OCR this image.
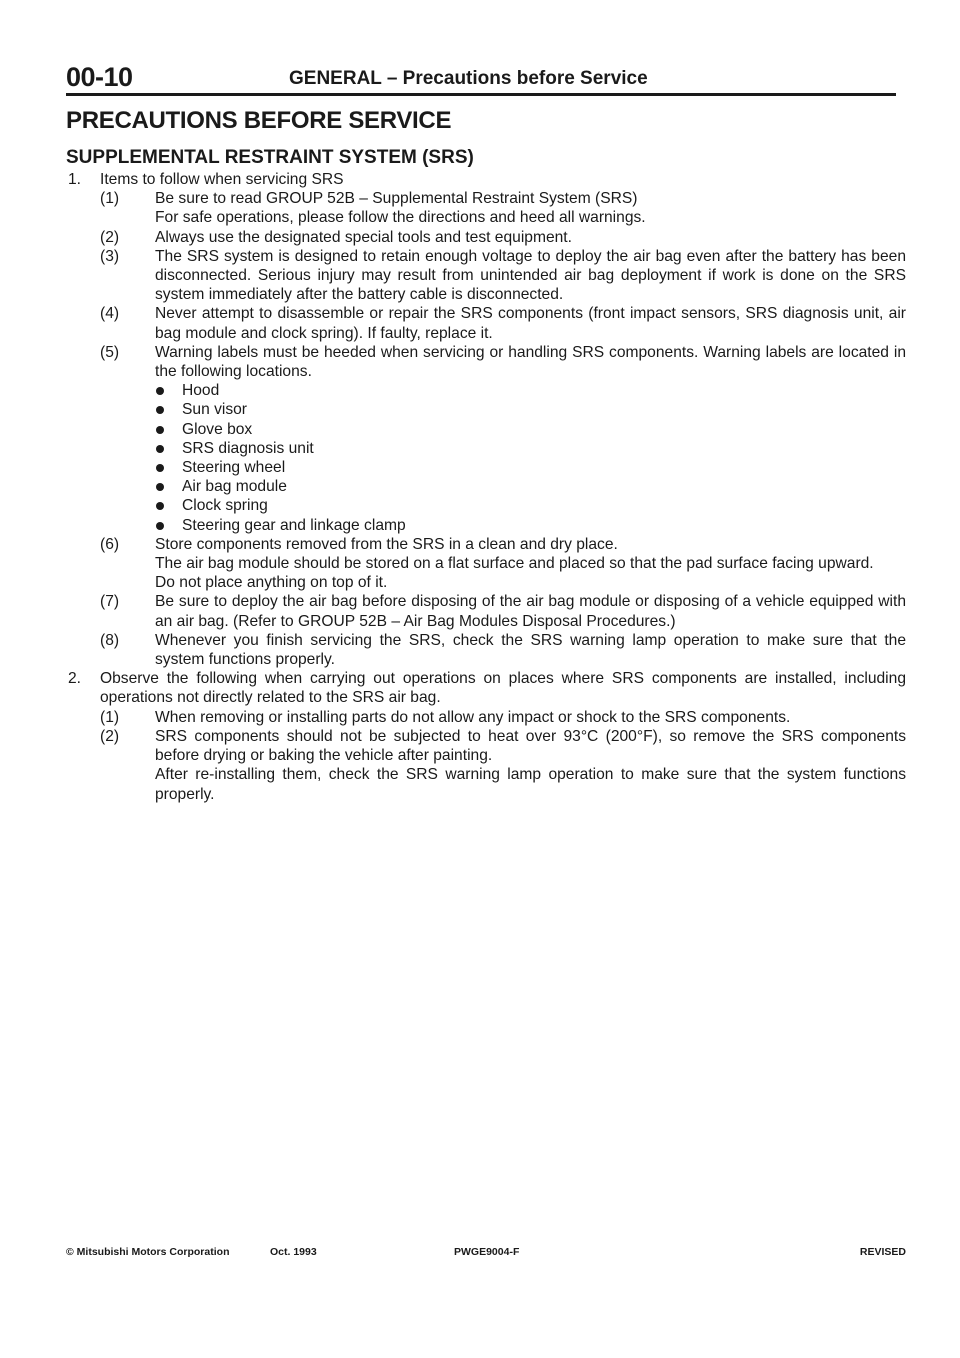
00-10	GENERAL – Precautions before Service
PRECAUTIONS BEFORE SERVICE
SUPPLEMENTAL RESTRAINT SYSTEM (SRS)
1.	Items to follow when servicing SRS
(1)	Be sure to read GROUP 52B – Supplemental Restraint System (SRS)
For safe operations, please follow the directions and heed all warnings.
(2)	Always use the designated special tools and test equipment.
(3)	The SRS system is designed to retain enough voltage to deploy the air bag even after the battery has been disconnected. Serious injury may result from unintended air bag deployment if work is done on the SRS system immediately after the battery cable is disconnected.
(4)	Never attempt to disassemble or repair the SRS components (front impact sensors, SRS diagnosis unit, air bag module and clock spring). If faulty, replace it.
(5)	Warning labels must be heeded when servicing or handling SRS components. Warning labels are located in the following locations.
Hood
Sun visor
Glove box
SRS diagnosis unit
Steering wheel
Air bag module
Clock spring
Steering gear and linkage clamp
(6)	Store components removed from the SRS in a clean and dry place.
The air bag module should be stored on a flat surface and placed so that the pad surface facing upward.
Do not place anything on top of it.
(7)	Be sure to deploy the air bag before disposing of the air bag module or disposing of a vehicle equipped with an air bag. (Refer to GROUP 52B – Air Bag Modules Disposal Procedures.)
(8)	Whenever you finish servicing the SRS, check the SRS warning lamp operation to make sure that the system functions properly.
2.	Observe the following when carrying out operations on places where SRS components are installed, including operations not directly related to the SRS air bag.
(1)	When removing or installing parts do not allow any impact or shock to the SRS components.
(2)	SRS components should not be subjected to heat over 93°C (200°F), so remove the SRS components before drying or baking the vehicle after painting.
After re-installing them, check the SRS warning lamp operation to make sure that the system functions properly.
© Mitsubishi Motors Corporation	Oct. 1993	PWGE9004-F	REVISED
